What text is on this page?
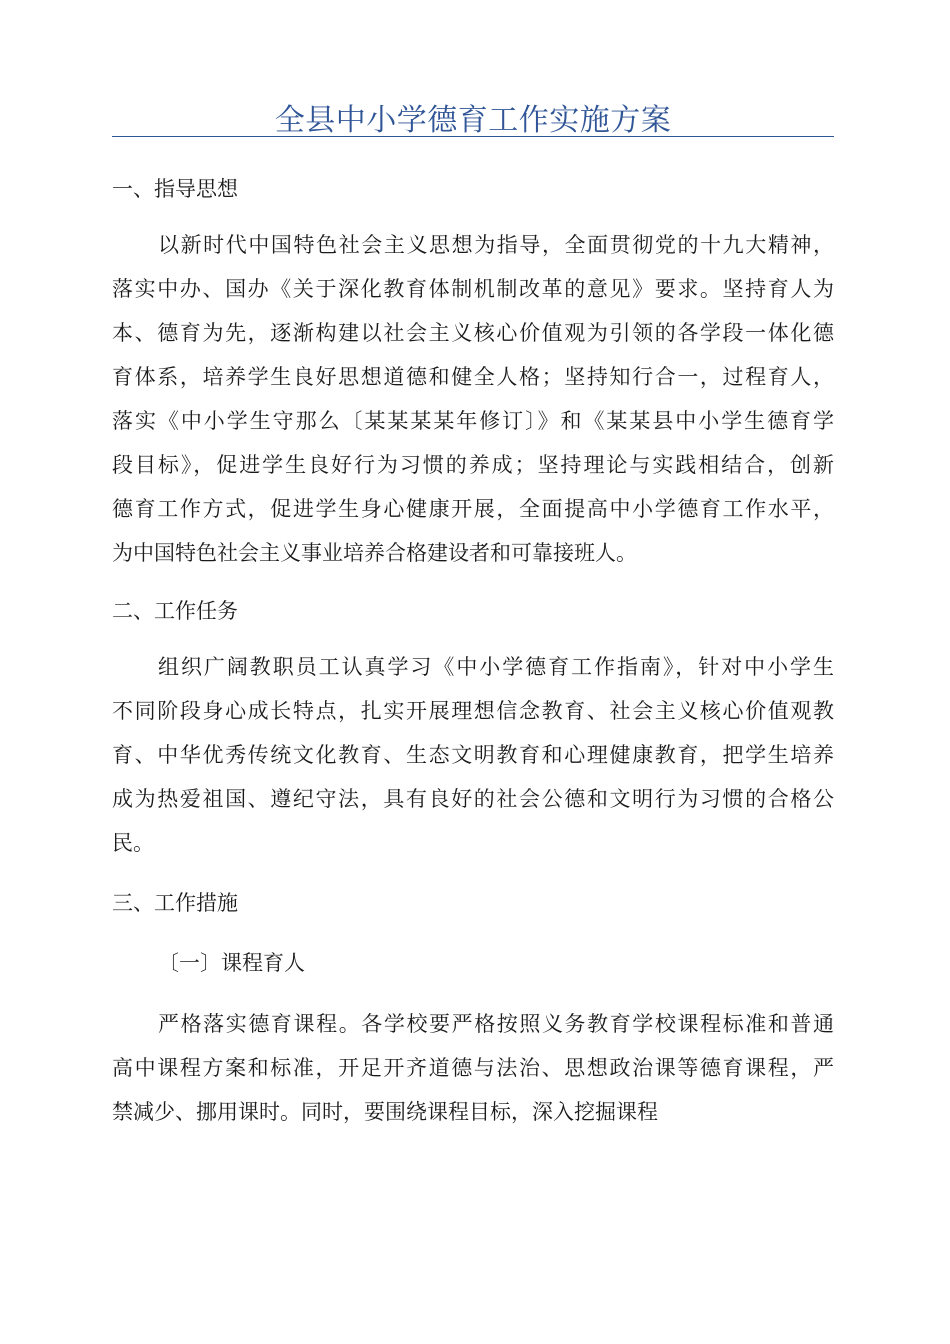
全县中小学德育工作实施方案
一、指导思想
以新时代中国特色社会主义思想为指导，全面贯彻党的十九大精神，
落实中办、国办《关于深化教育体制机制改革的意见》要求。坚持育人为
本、德育为先，逐渐构建以社会主义核心价值观为引领的各学段一体化德
育体系，培养学生良好思想道德和健全人格；坚持知行合一，过程育人，
落实《中小学生守那么〔某某某某年修订〕》和《某某县中小学生德育学
段目标》，促进学生良好行为习惯的养成；坚持理论与实践相结合，创新
德育工作方式，促进学生身心健康开展，全面提高中小学德育工作水平，
为中国特色社会主义事业培养合格建设者和可靠接班人。
二、工作任务
组织广阔教职员工认真学习《中小学德育工作指南》，针对中小学生
不同阶段身心成长特点，扎实开展理想信念教育、社会主义核心价值观教
育、中华优秀传统文化教育、生态文明教育和心理健康教育，把学生培养
成为热爱祖国、遵纪守法，具有良好的社会公德和文明行为习惯的合格公
民。
三、工作措施
〔一〕课程育人
严格落实德育课程。各学校要严格按照义务教育学校课程标准和普通
高中课程方案和标准，开足开齐道德与法治、思想政治课等德育课程，严
禁减少、挪用课时。同时，要围绕课程目标，深入挖掘课程
